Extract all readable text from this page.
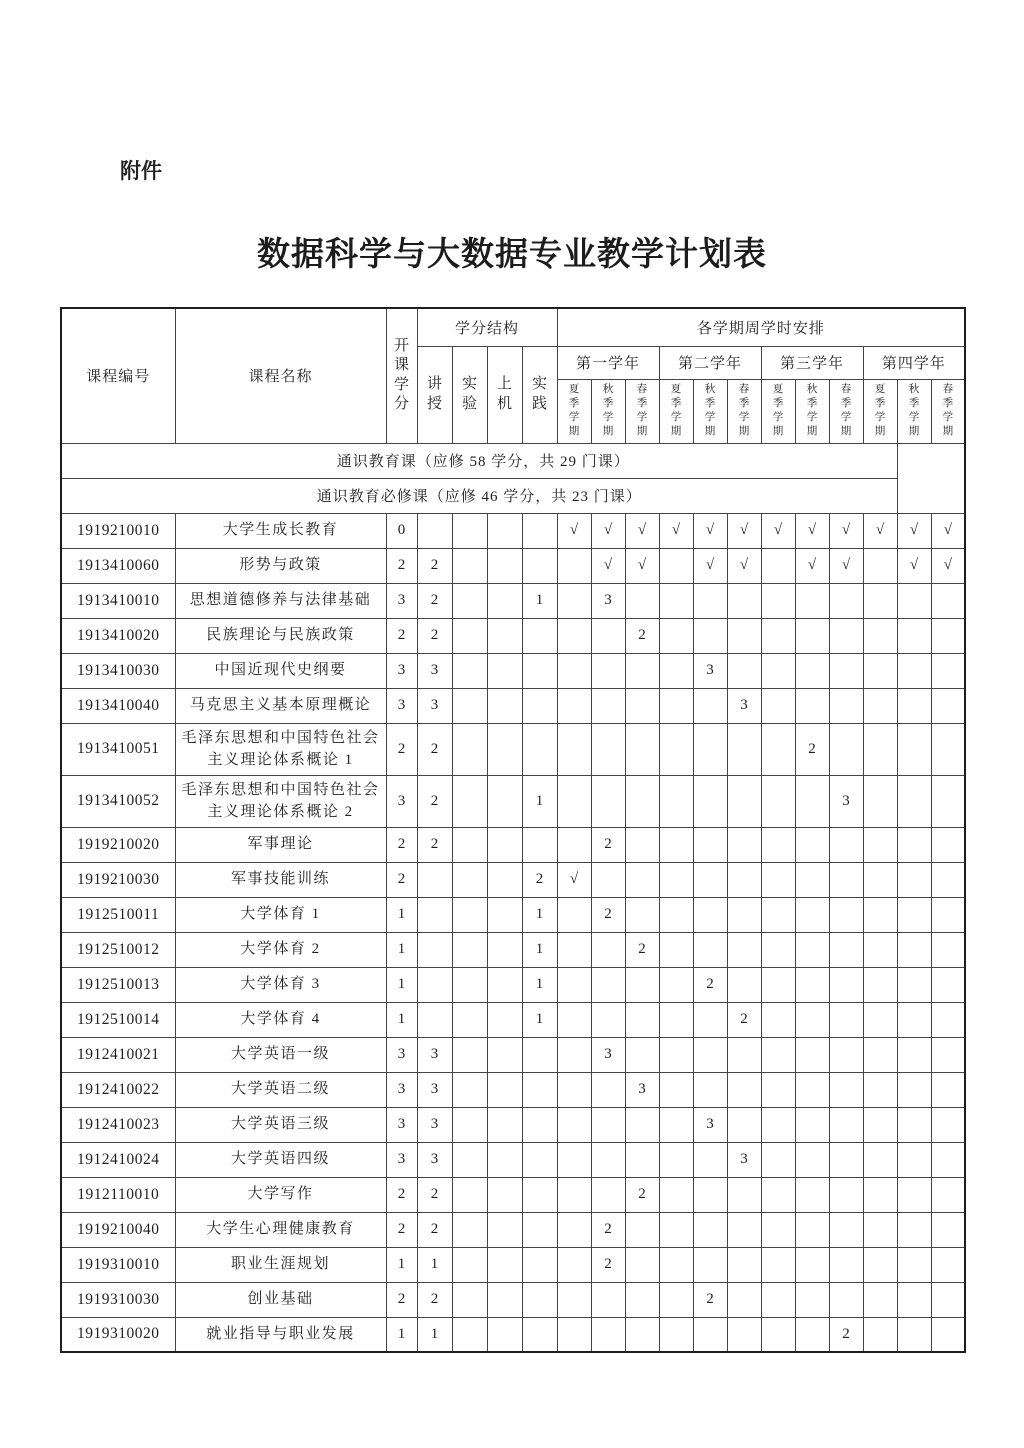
附件
数据科学与大数据专业教学计划表
课程编号	课程名称	开课学分	学分结构				各学期周学时安排											
			讲授	实验	上机	实践	第一学年			第二学年			第三学年			第四学年		
							夏季学期	秋季学期	春季学期	夏季学期	秋季学期	春季学期	夏季学期	秋季学期	春季学期	夏季学期	秋季学期	春季学期
通识教育课（应修 58 学分，共 29 门课）																		
通识教育必修课（应修 46 学分，共 23 门课）																		
1919210010	大学生成长教育	0					√	√	√	√	√	√	√	√	√	√	√	√
1913410060	形势与政策	2	2					√	√		√	√		√	√		√	√
1913410010	思想道德修养与法律基础	3	2			1		3										
1913410020	民族理论与民族政策	2	2						2									
1913410030	中国近现代史纲要	3	3								3							
1913410040	马克思主义基本原理概论	3	3									3						
1913410051	毛泽东思想和中国特色社会主义理论体系概论 1	2	2											2				
1913410052	毛泽东思想和中国特色社会主义理论体系概论 2	3	2			1									3			
1919210020	军事理论	2	2					2										
1919210030	军事技能训练	2				2	√											
1912510011	大学体育 1	1				1		2										
1912510012	大学体育 2	1				1			2									
1912510013	大学体育 3	1				1					2							
1912510014	大学体育 4	1				1						2						
1912410021	大学英语一级	3	3					3										
1912410022	大学英语二级	3	3						3									
1912410023	大学英语三级	3	3								3							
1912410024	大学英语四级	3	3									3						
1912110010	大学写作	2	2						2									
1919210040	大学生心理健康教育	2	2					2										
1919310010	职业生涯规划	1	1					2										
1919310030	创业基础	2	2								2							
1919310020	就业指导与职业发展	1	1												2			
